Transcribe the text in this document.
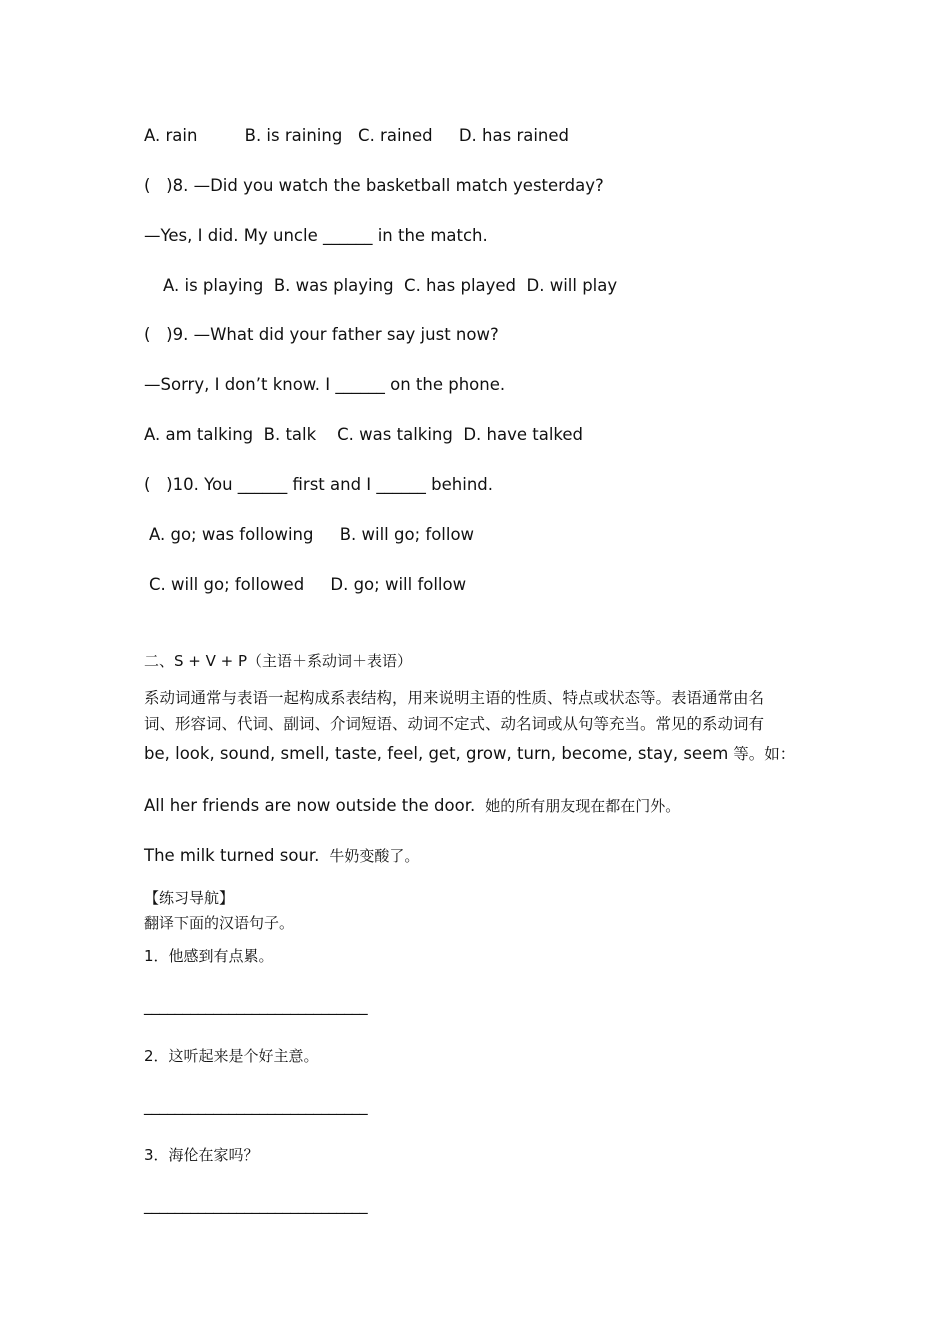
A. rain         B. is raining   C. rained     D. has rained
(   )8. —Did you watch the basketball match yesterday?
—Yes, I did. My uncle ______ in the match.
A. is playing  B. was playing  C. has played  D. will play
(   )9. —What did your father say just now?
—Sorry, I don’t know. I ______ on the phone.
A. am talking  B. talk    C. was talking  D. have talked
(   )10. You ______ first and I ______ behind.
A. go; was following     B. will go; follow
C. will go; followed     D. go; will follow
二、S + V + P（主语＋系动词＋表语）
系动词通常与表语一起构成系表结构，用来说明主语的性质、特点或状态等。表语通常由名
词、形容词、代词、副词、介词短语、动词不定式、动名词或从句等充当。常见的系动词有
be, look, sound, smell, taste, feel, get, grow, turn, become, stay, seem 等。如：
All her friends are now outside the door. 她的所有朋友现在都在门外。
The milk turned sour. 牛奶变酸了。
【练习导航】
翻译下面的汉语句子。
1．他感到有点累。
_____________________________
2．这听起来是个好主意。
_____________________________
3．海伦在家吗？
_____________________________
